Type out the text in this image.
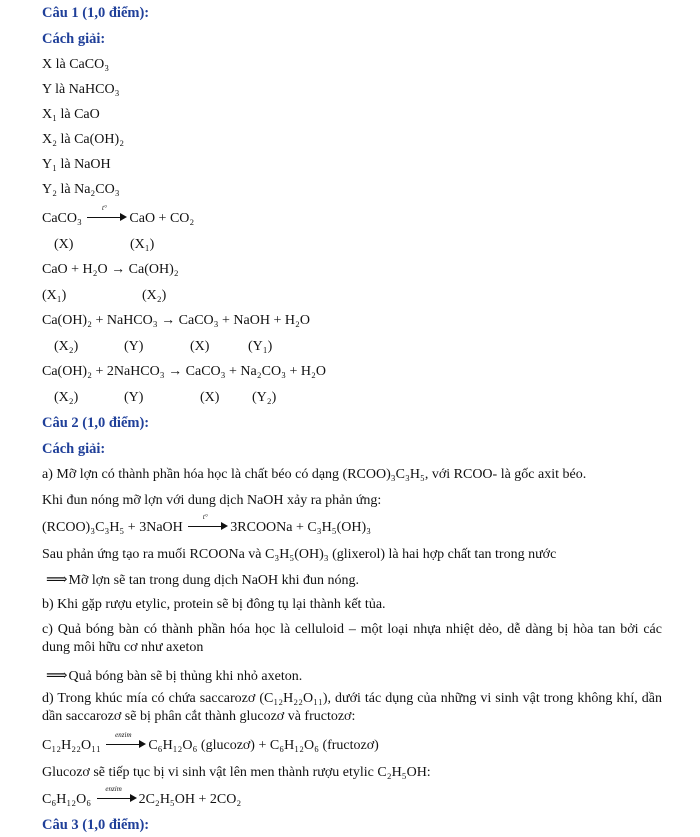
Câu 1 (1,0 điểm):
Cách giải:
X là CaCO₃
Y là NaHCO₃
X₁ là CaO
X₂ là Ca(OH)₂
Y₁ là NaOH
Y₂ là Na₂CO₃
CaCO₃
t°
CaO + CO₂
(X)	(X₁)
CaO + H₂O → Ca(OH)₂
(X₁)	(X₂)
Ca(OH)₂ + NaHCO₃ → CaCO₃ + NaOH + H₂O
(X₂)	(Y)	(X)	(Y₁)
Ca(OH)₂ + 2NaHCO₃ → CaCO₃ + Na₂CO₃ + H₂O
(X₂)	(Y)	(X) (Y₂)
Câu 2 (1,0 điểm):
Cách giải:
a) Mỡ lợn có thành phần hóa học là chất béo có dạng (RCOO)₃C₃H₅, với RCOO- là gốc axit béo.
Khi đun nóng mỡ lợn với dung dịch NaOH xảy ra phản ứng:
(RCOO)₃C₃H₅ + 3NaOH
t°
3RCOONa + C₃H₅(OH)₃
Sau phản ứng tạo ra muối RCOONa và C₃H₅(OH)₃ (glixerol) là hai hợp chất tan trong nước
⟹Mỡ lợn sẽ tan trong dung dịch NaOH khi đun nóng.
b) Khi gặp rượu etylic, protein sẽ bị đông tụ lại thành kết tủa.
c) Quả bóng bàn có thành phần hóa học là celluloid – một loại nhựa nhiệt dẻo, dễ dàng bị hòa tan bởi các dung môi hữu cơ như axeton
⟹Quả bóng bàn sẽ bị thủng khi nhỏ axeton.
d) Trong khúc mía có chứa saccarozơ (C₁₂H₂₂O₁₁), dưới tác dụng của những vi sinh vật trong không khí, dần dần saccarozơ sẽ bị phân cắt thành glucozơ và fructozơ:
C₁₂H₂₂O₁₁
enzim
C₆H₁₂O₆ (glucozơ) + C₆H₁₂O₆ (fructozơ)
Glucozơ sẽ tiếp tục bị vi sinh vật lên men thành rượu etylic C₂H₅OH:
C₆H₁₂O₆
enzim
2C₂H₅OH + 2CO₂
Câu 3 (1,0 điểm):
